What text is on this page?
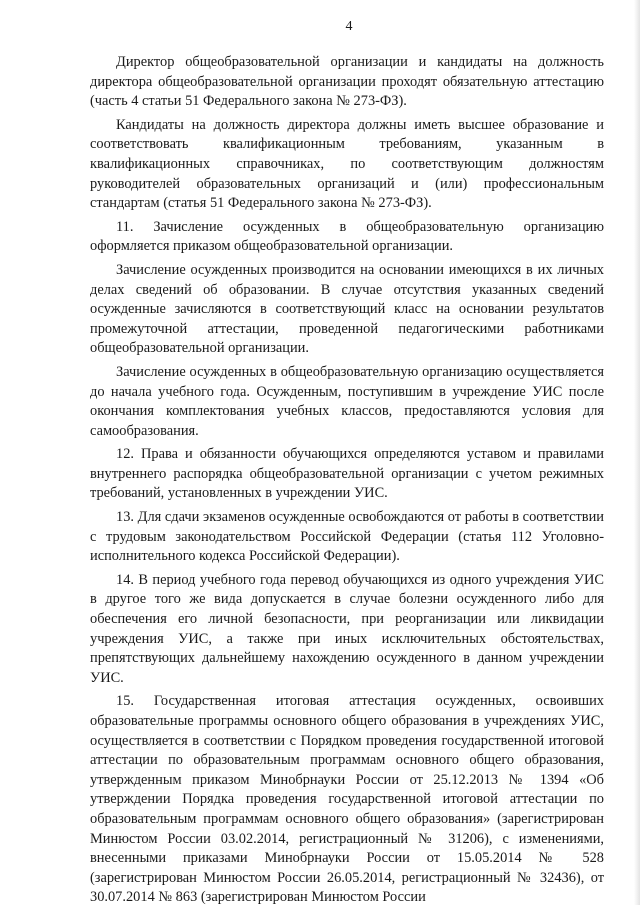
4

Директор общеобразовательной организации и кандидаты на должность директора общеобразовательной организации проходят обязательную аттестацию (часть 4 статьи 51 Федерального закона № 273-ФЗ).

Кандидаты на должность директора должны иметь высшее образование и соответствовать квалификационным требованиям, указанным в квалификационных справочниках, по соответствующим должностям руководителей образовательных организаций и (или) профессиональным стандартам (статья 51 Федерального закона № 273-ФЗ).

11. Зачисление осужденных в общеобразовательную организацию оформляется приказом общеобразовательной организации.

Зачисление осужденных производится на основании имеющихся в их личных делах сведений об образовании. В случае отсутствия указанных сведений осужденные зачисляются в соответствующий класс на основании результатов промежуточной аттестации, проведенной педагогическими работниками общеобразовательной организации.

Зачисление осужденных в общеобразовательную организацию осуществляется до начала учебного года. Осужденным, поступившим в учреждение УИС после окончания комплектования учебных классов, предоставляются условия для самообразования.

12. Права и обязанности обучающихся определяются уставом и правилами внутреннего распорядка общеобразовательной организации с учетом режимных требований, установленных в учреждении УИС.

13. Для сдачи экзаменов осужденные освобождаются от работы в соответствии с трудовым законодательством Российской Федерации (статья 112 Уголовно-исполнительного кодекса Российской Федерации).

14. В период учебного года перевод обучающихся из одного учреждения УИС в другое того же вида допускается в случае болезни осужденного либо для обеспечения его личной безопасности, при реорганизации или ликвидации учреждения УИС, а также при иных исключительных обстоятельствах, препятствующих дальнейшему нахождению осужденного в данном учреждении УИС.

15. Государственная итоговая аттестация осужденных, освоивших образовательные программы основного общего образования в учреждениях УИС, осуществляется в соответствии с Порядком проведения государственной итоговой аттестации по образовательным программам основного общего образования, утвержденным приказом Минобрнауки России от 25.12.2013 № 1394 «Об утверждении Порядка проведения государственной итоговой аттестации по образовательным программам основного общего образования» (зарегистрирован Минюстом России 03.02.2014, регистрационный № 31206), с изменениями, внесенными приказами Минобрнауки России от 15.05.2014 № 528 (зарегистрирован Минюстом России 26.05.2014, регистрационный № 32436), от 30.07.2014 № 863 (зарегистрирован Минюстом России
